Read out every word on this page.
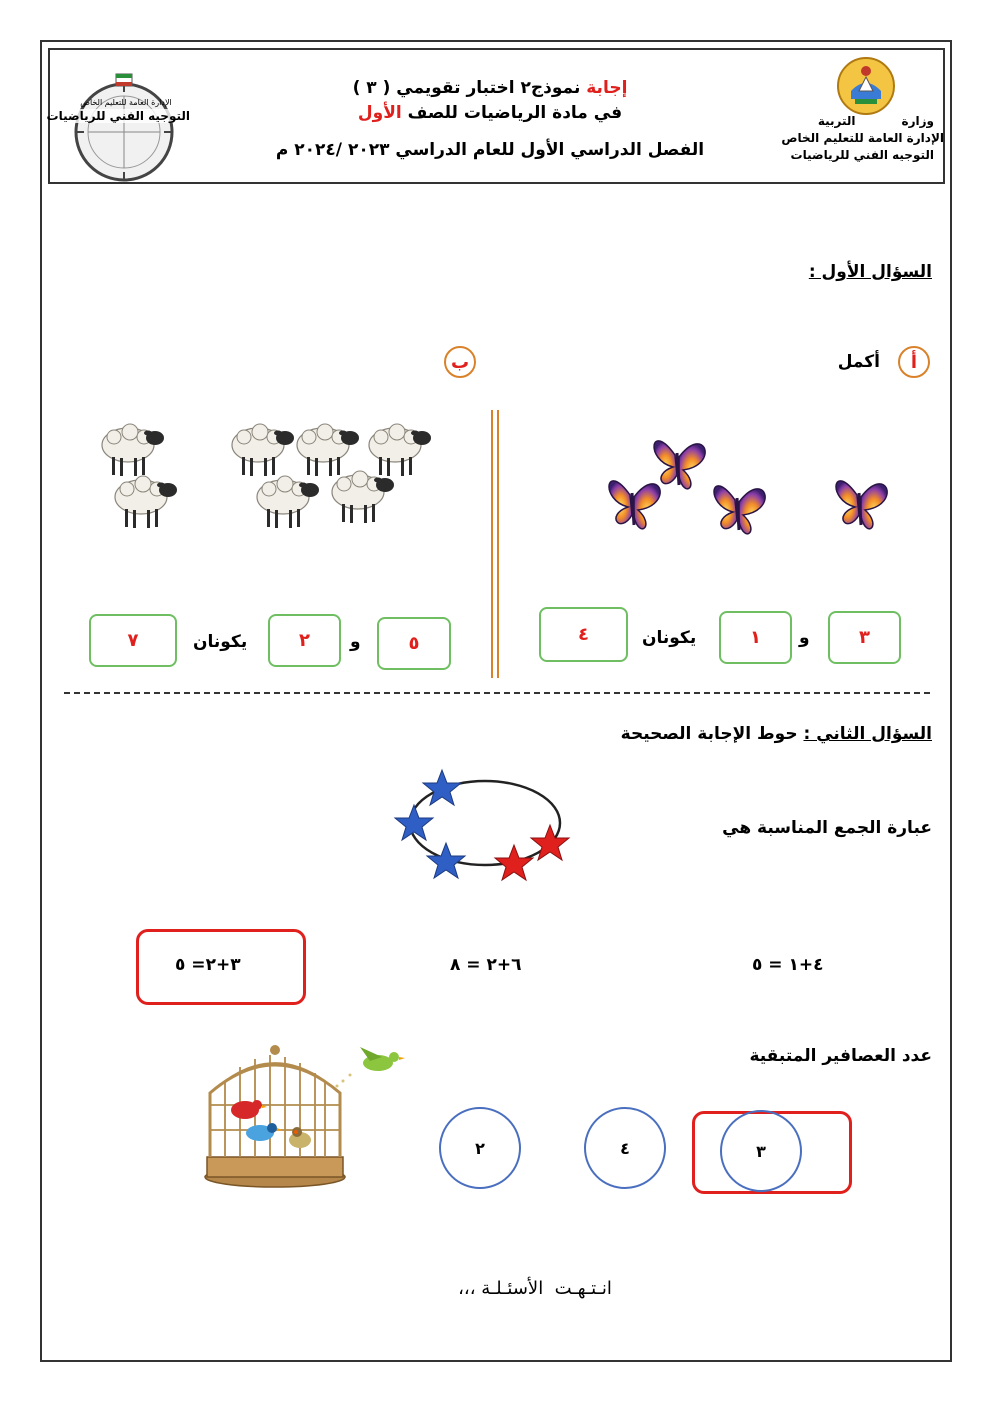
وزارة           التربية
الإدارة العامة للتعليم الخاص
التوجيه الفني للرياضيات
إجابة نموذج٢ اختبار تقويمي ( ٣ )
في مادة الرياضيات للصف الأول
الفصل الدراسي الأول للعام الدراسي ٢٠٢٣ /٢٠٢٤ م
الإدارة العامة للتعليم الخاص
التوجيه الفني للرياضيات
السؤال الأول :
أ
أكمل
ب
٣
و
١
يكونان
٤
٥
و
٢
يكونان
٧
السؤال الثاني : حوط الإجابة الصحيحة
عبارة الجمع المناسبة هي
٤+١ = ٥
٦+٢ = ٨
٣+٢= ٥
عدد العصافير المتبقية
٣
٤
٢
انـتـهـت  الأسئـلـة ،،،
